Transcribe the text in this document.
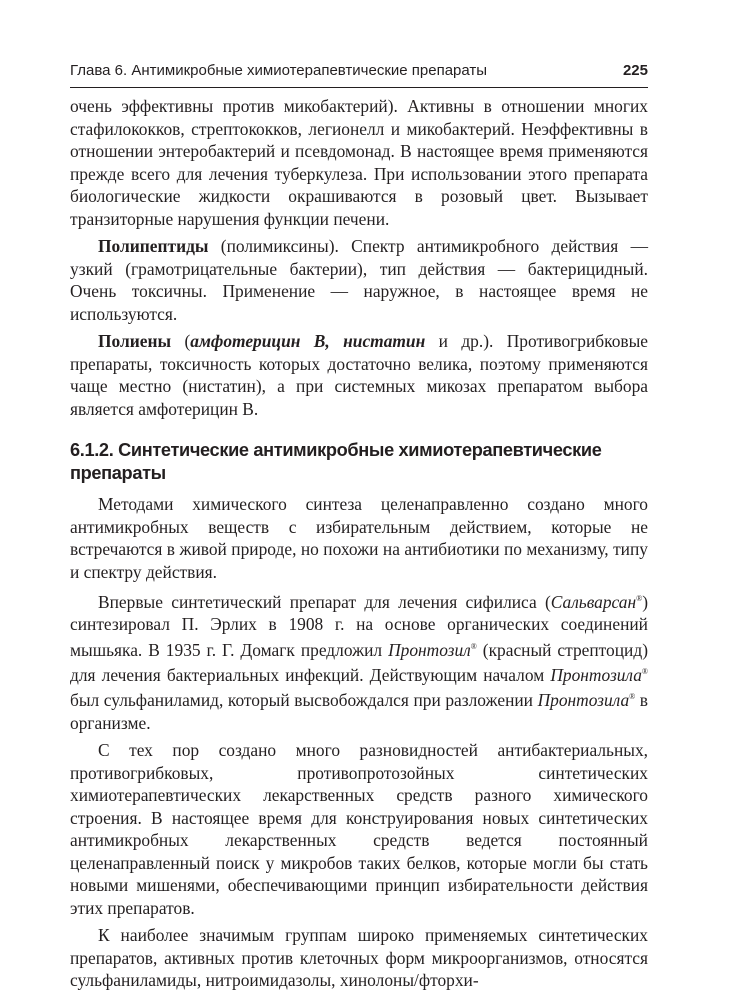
Глава 6. Антимикробные химиотерапевтические препараты	225

очень эффективны против микобактерий). Активны в отношении многих стафилококков, стрептококков, легионелл и микобактерий. Неэффективны в отношении энтеробактерий и псевдомонад. В настоящее время применяются прежде всего для лечения туберкулеза. При использовании этого препарата биологические жидкости окрашиваются в розовый цвет. Вызывает транзиторные нарушения функции печени.

Полипептиды (полимиксины). Спектр антимикробного действия — узкий (грамотрицательные бактерии), тип действия — бактерицидный. Очень токсичны. Применение — наружное, в настоящее время не используются.

Полиены (амфотерицин B, нистатин и др.). Противогрибковые препараты, токсичность которых достаточно велика, поэтому применяются чаще местно (нистатин), а при системных микозах препаратом выбора является амфотерицин B.

6.1.2. Синтетические антимикробные химиотерапевтические препараты

Методами химического синтеза целенаправленно создано много антимикробных веществ с избирательным действием, которые не встречаются в живой природе, но похожи на антибиотики по механизму, типу и спектру действия.

Впервые синтетический препарат для лечения сифилиса (Сальварсан®) синтезировал П. Эрлих в 1908 г. на основе органических соединений мышьяка. В 1935 г. Г. Домагк предложил Пронтозил® (красный стрептоцид) для лечения бактериальных инфекций. Действующим началом Пронтозила® был сульфаниламид, который высвобождался при разложении Пронтозила® в организме.

С тех пор создано много разновидностей антибактериальных, противогрибковых, противопротозойных синтетических химиотерапевтических лекарственных средств разного химического строения. В настоящее время для конструирования новых синтетических антимикробных лекарственных средств ведется постоянный целенаправленный поиск у микробов таких белков, которые могли бы стать новыми мишенями, обеспечивающими принцип избирательности действия этих препаратов.

К наиболее значимым группам широко применяемых синтетических препаратов, активных против клеточных форм микроорганизмов, относятся сульфаниламиды, нитроимидазолы, хинолоны/фторхи-
